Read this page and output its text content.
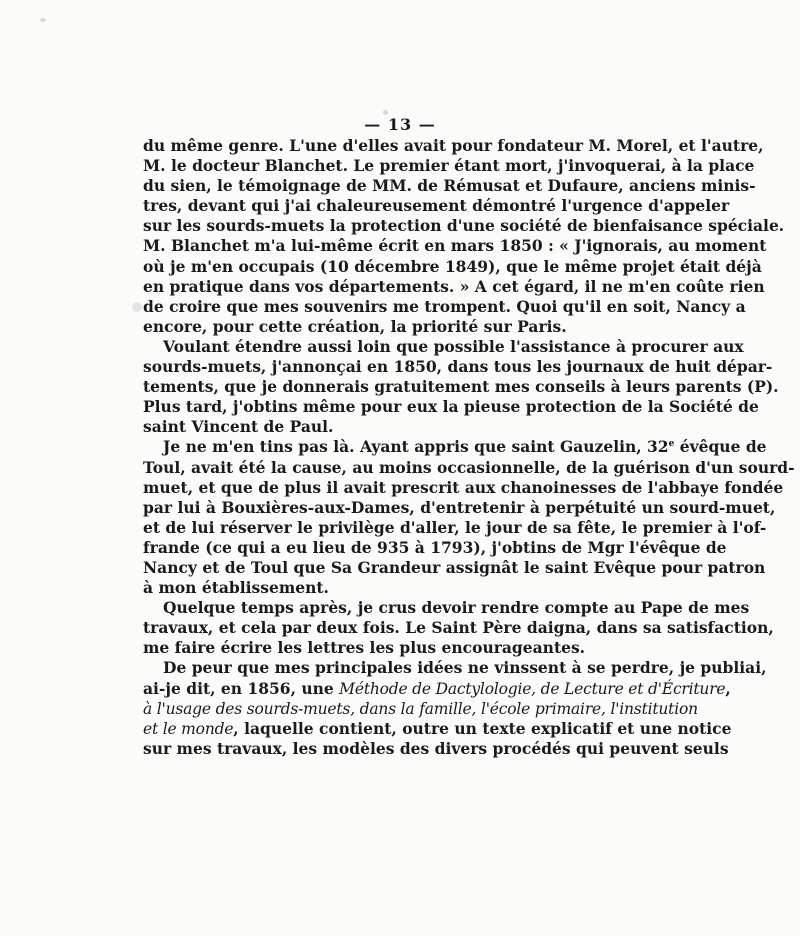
— 13 —
du même genre. L'une d'elles avait pour fondateur M. Morel, et l'autre,
M. le docteur Blanchet. Le premier étant mort, j'invoquerai, à la place
du sien, le témoignage de MM. de Rémusat et Dufaure, anciens minis-
tres, devant qui j'ai chaleureusement démontré l'urgence d'appeler
sur les sourds-muets la protection d'une société de bienfaisance spéciale.
M. Blanchet m'a lui-même écrit en mars 1850 : « J'ignorais, au moment
où je m'en occupais (10 décembre 1849), que le même projet était déjà
en pratique dans vos départements. » A cet égard, il ne m'en coûte rien
de croire que mes souvenirs me trompent. Quoi qu'il en soit, Nancy a
encore, pour cette création, la priorité sur Paris.
Voulant étendre aussi loin que possible l'assistance à procurer aux
sourds-muets, j'annonçai en 1850, dans tous les journaux de huit dépar-
tements, que je donnerais gratuitement mes conseils à leurs parents (P).
Plus tard, j'obtins même pour eux la pieuse protection de la Société de
saint Vincent de Paul.
Je ne m'en tins pas là. Ayant appris que saint Gauzelin, 32e évêque de
Toul, avait été la cause, au moins occasionnelle, de la guérison d'un sourd-
muet, et que de plus il avait prescrit aux chanoinesses de l'abbaye fondée
par lui à Bouxières-aux-Dames, d'entretenir à perpétuité un sourd-muet,
et de lui réserver le privilège d'aller, le jour de sa fête, le premier à l'of-
frande (ce qui a eu lieu de 935 à 1793), j'obtins de Mgr l'évêque de
Nancy et de Toul que Sa Grandeur assignât le saint Evêque pour patron
à mon établissement.
Quelque temps après, je crus devoir rendre compte au Pape de mes
travaux, et cela par deux fois. Le Saint Père daigna, dans sa satisfaction,
me faire écrire les lettres les plus encourageantes.
De peur que mes principales idées ne vinssent à se perdre, je publiai,
ai-je dit, en 1856, une Méthode de Dactylologie, de Lecture et d'Écriture,
à l'usage des sourds-muets, dans la famille, l'école primaire, l'institution
et le monde, laquelle contient, outre un texte explicatif et une notice
sur mes travaux, les modèles des divers procédés qui peuvent seuls
